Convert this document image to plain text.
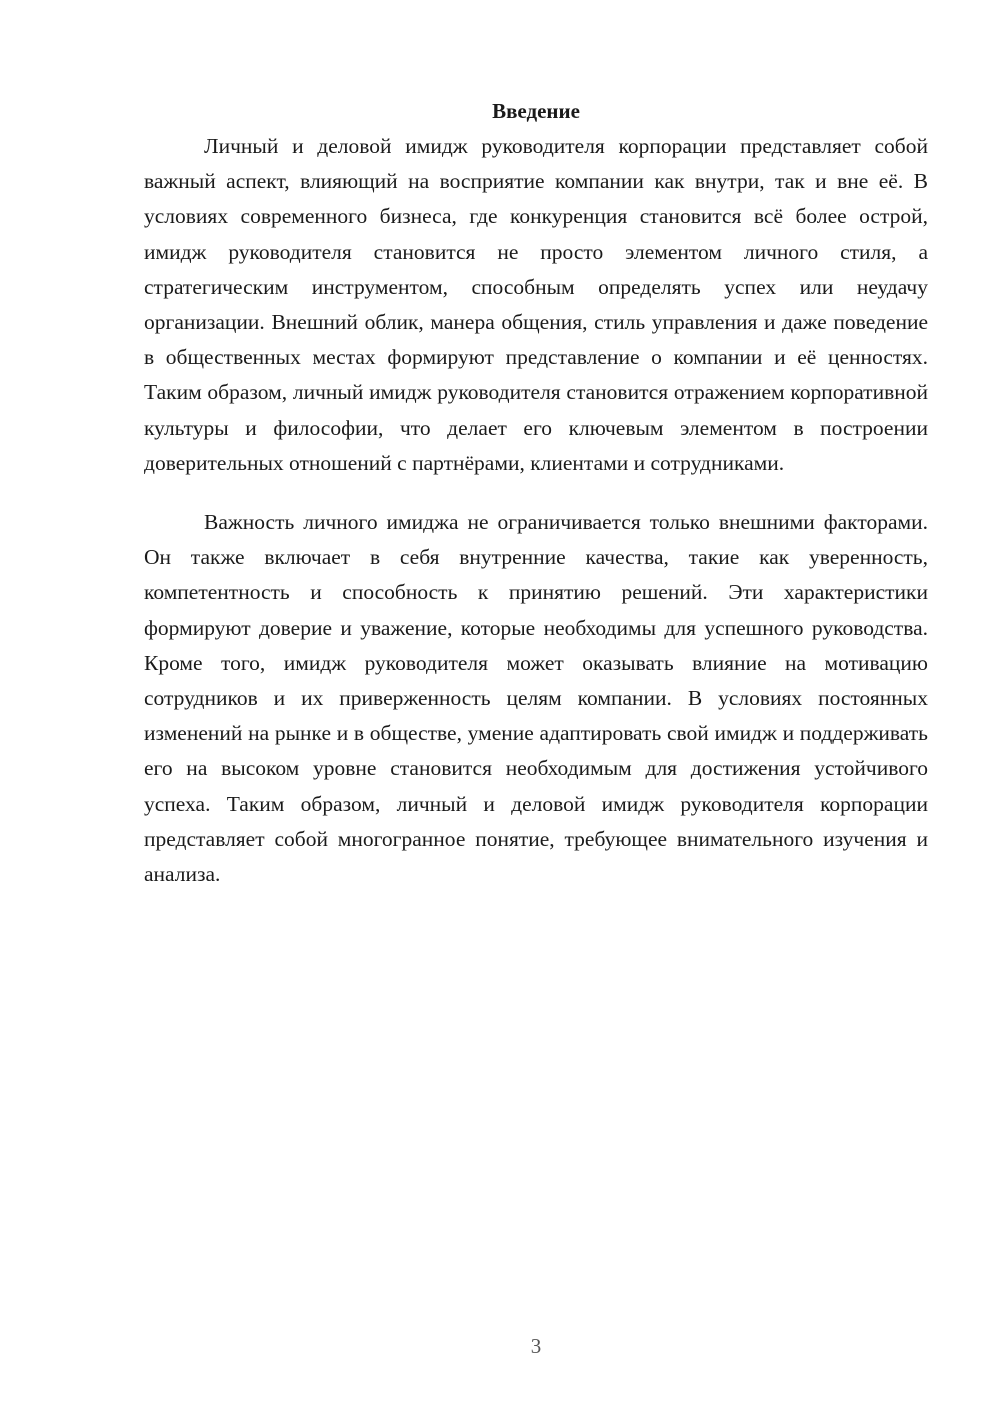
Введение

Личный и деловой имидж руководителя корпорации представляет собой важный аспект, влияющий на восприятие компании как внутри, так и вне её. В условиях современного бизнеса, где конкуренция становится всё более острой, имидж руководителя становится не просто элементом личного стиля, а стратегическим инструментом, способным определять успех или неудачу организации. Внешний облик, манера общения, стиль управления и даже поведение в общественных местах формируют представление о компании и её ценностях. Таким образом, личный имидж руководителя становится отражением корпоративной культуры и философии, что делает его ключевым элементом в построении доверительных отношений с партнёрами, клиентами и сотрудниками.

Важность личного имиджа не ограничивается только внешними факторами. Он также включает в себя внутренние качества, такие как уверенность, компетентность и способность к принятию решений. Эти характеристики формируют доверие и уважение, которые необходимы для успешного руководства. Кроме того, имидж руководителя может оказывать влияние на мотивацию сотрудников и их приверженность целям компании. В условиях постоянных изменений на рынке и в обществе, умение адаптировать свой имидж и поддерживать его на высоком уровне становится необходимым для достижения устойчивого успеха. Таким образом, личный и деловой имидж руководителя корпорации представляет собой многогранное понятие, требующее внимательного изучения и анализа.

3
